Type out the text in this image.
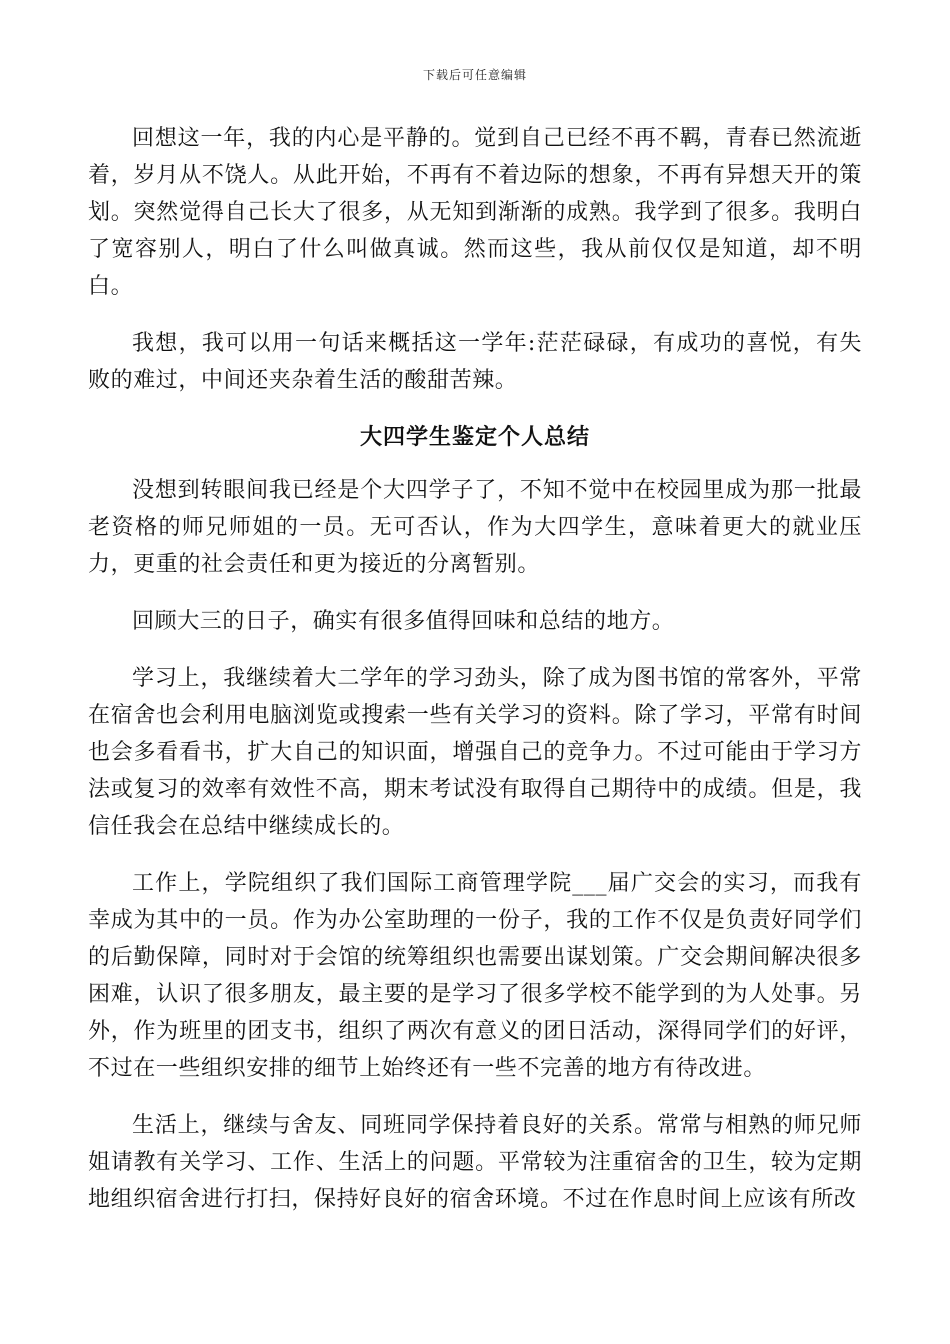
下载后可任意编辑

回想这一年，我的内心是平静的。觉到自己已经不再不羁，青春已然流逝着，岁月从不饶人。从此开始，不再有不着边际的想象，不再有异想天开的策划。突然觉得自己长大了很多，从无知到渐渐的成熟。我学到了很多。我明白了宽容别人，明白了什么叫做真诚。然而这些，我从前仅仅是知道，却不明白。

我想，我可以用一句话来概括这一学年:茫茫碌碌，有成功的喜悦，有失败的难过，中间还夹杂着生活的酸甜苦辣。

大四学生鉴定个人总结

没想到转眼间我已经是个大四学子了，不知不觉中在校园里成为那一批最老资格的师兄师姐的一员。无可否认，作为大四学生，意味着更大的就业压力，更重的社会责任和更为接近的分离暂别。

回顾大三的日子，确实有很多值得回味和总结的地方。

学习上，我继续着大二学年的学习劲头，除了成为图书馆的常客外，平常在宿舍也会利用电脑浏览或搜索一些有关学习的资料。除了学习，平常有时间也会多看看书，扩大自己的知识面，增强自己的竞争力。不过可能由于学习方法或复习的效率有效性不高，期末考试没有取得自己期待中的成绩。但是，我信任我会在总结中继续成长的。

工作上，学院组织了我们国际工商管理学院___届广交会的实习，而我有幸成为其中的一员。作为办公室助理的一份子，我的工作不仅是负责好同学们的后勤保障，同时对于会馆的统筹组织也需要出谋划策。广交会期间解决很多困难，认识了很多朋友，最主要的是学习了很多学校不能学到的为人处事。另外，作为班里的团支书，组织了两次有意义的团日活动，深得同学们的好评，不过在一些组织安排的细节上始终还有一些不完善的地方有待改进。

生活上，继续与舍友、同班同学保持着良好的关系。常常与相熟的师兄师姐请教有关学习、工作、生活上的问题。平常较为注重宿舍的卫生，较为定期地组织宿舍进行打扫，保持好良好的宿舍环境。不过在作息时间上应该有所改
